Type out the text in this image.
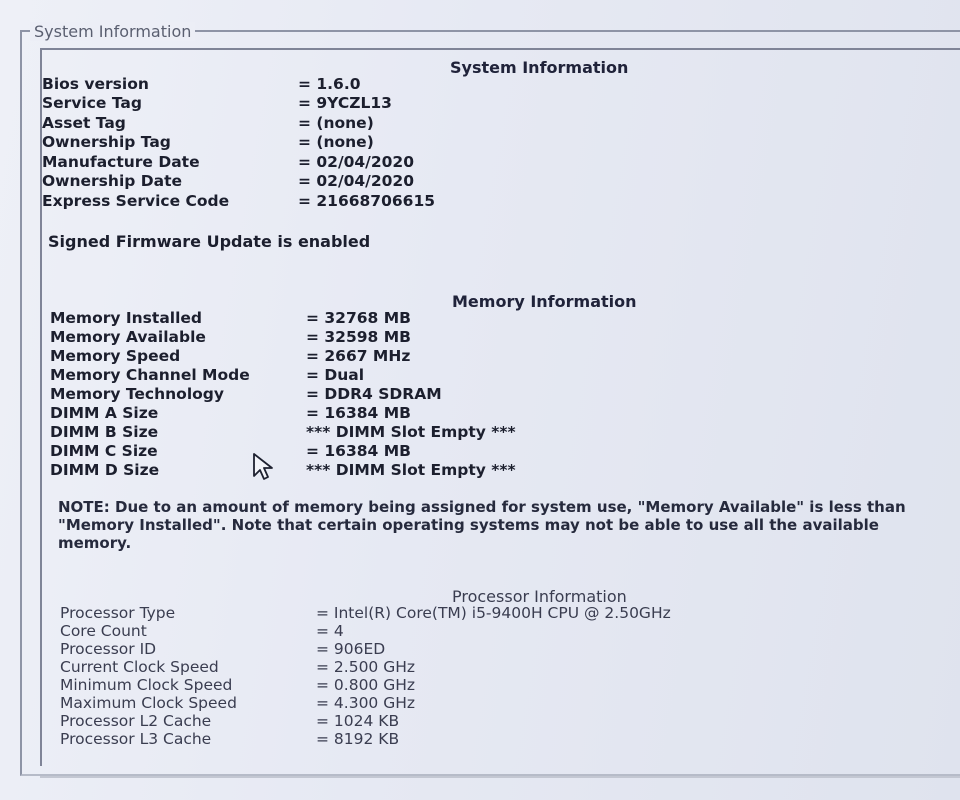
System Information
System Information
Bios version	= 1.6.0
Service Tag	= 9YCZL13
Asset Tag	= (none)
Ownership Tag	= (none)
Manufacture Date	= 02/04/2020
Ownership Date	= 02/04/2020
Express Service Code	= 21668706615
Signed Firmware Update is enabled
Memory Information
Memory Installed	= 32768 MB
Memory Available	= 32598 MB
Memory Speed	= 2667 MHz
Memory Channel Mode	= Dual
Memory Technology	= DDR4 SDRAM
DIMM A Size	= 16384 MB
DIMM B Size	*** DIMM Slot Empty ***
DIMM C Size	= 16384 MB
DIMM D Size	*** DIMM Slot Empty ***
NOTE: Due to an amount of memory being assigned for system use, "Memory Available" is less than "Memory Installed". Note that certain operating systems may not be able to use all the available memory.
Processor Information
Processor Type	= Intel(R) Core(TM) i5-9400H CPU @ 2.50GHz
Core Count	= 4
Processor ID	= 906ED
Current Clock Speed	= 2.500 GHz
Minimum Clock Speed	= 0.800 GHz
Maximum Clock Speed	= 4.300 GHz
Processor L2 Cache	= 1024 KB
Processor L3 Cache	= 8192 KB
